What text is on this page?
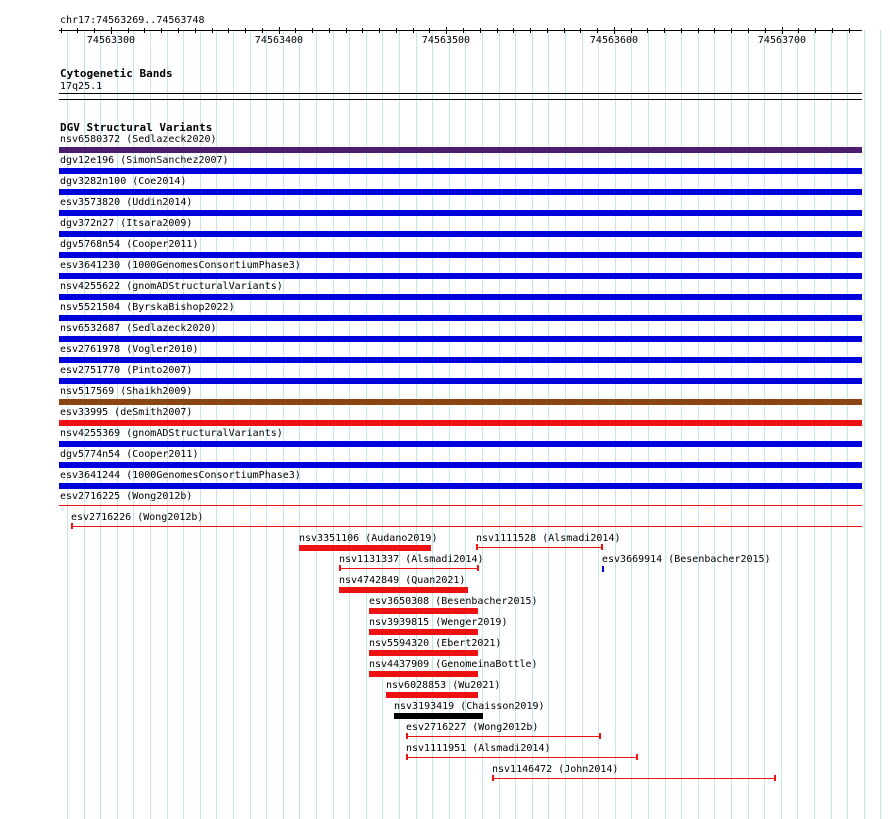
chr17:74563269..74563748
74563300	74563400	74563500	74563600	74563700
Cytogenetic Bands
17q25.1
DGV Structural Variants
nsv6580372 (Sedlazeck2020)
dgv12e196 (SimonSanchez2007)
dgv3282n100 (Coe2014)
esv3573820 (Uddin2014)
dgv372n27 (Itsara2009)
dgv5768n54 (Cooper2011)
esv3641230 (1000GenomesConsortiumPhase3)
nsv4255622 (gnomADStructuralVariants)
nsv5521504 (ByrskaBishop2022)
nsv6532687 (Sedlazeck2020)
esv2761978 (Vogler2010)
esv2751770 (Pinto2007)
nsv517569 (Shaikh2009)
esv33995 (deSmith2007)
nsv4255369 (gnomADStructuralVariants)
dgv5774n54 (Cooper2011)
esv3641244 (1000GenomesConsortiumPhase3)
esv2716225 (Wong2012b)
esv2716226 (Wong2012b)
nsv3351106 (Audano2019)	nsv1111528 (Alsmadi2014)
nsv1131337 (Alsmadi2014)	esv3669914 (Besenbacher2015)
nsv4742849 (Quan2021)
esv3650308 (Besenbacher2015)
nsv3939815 (Wenger2019)
nsv5594320 (Ebert2021)
nsv4437909 (GenomeinaBottle)
nsv6028853 (Wu2021)
nsv3193419 (Chaisson2019)
esv2716227 (Wong2012b)
nsv1111951 (Alsmadi2014)
nsv1146472 (John2014)
